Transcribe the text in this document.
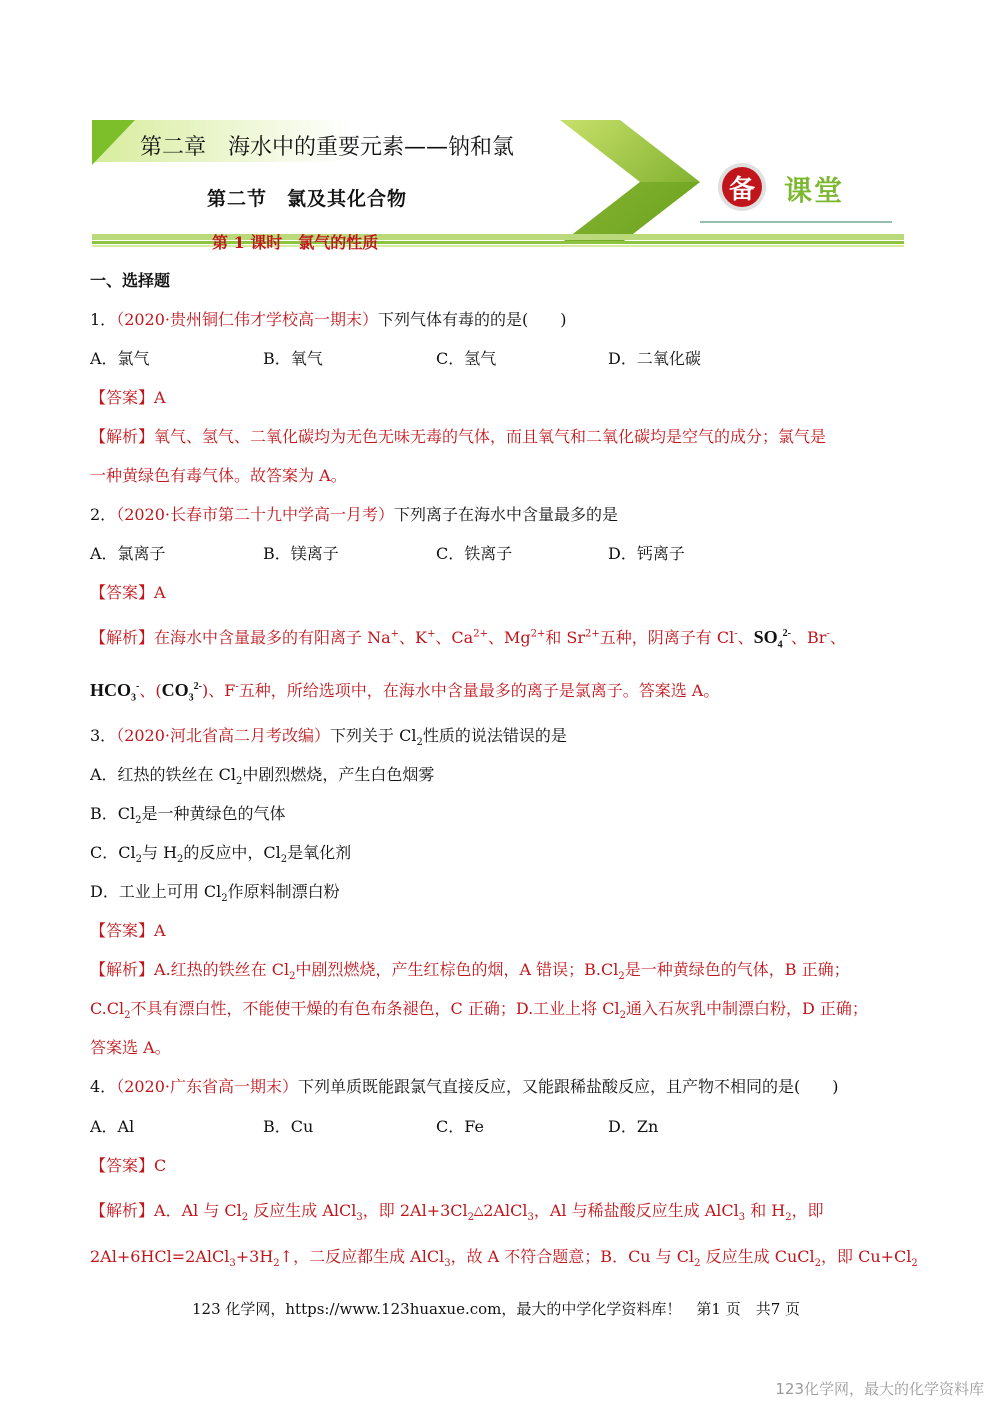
第二章　海水中的重要元素——钠和氯
第二节　氯及其化合物
第 1 课时　氯气的性质
备 课堂
一、选择题
1．（2020·贵州铜仁伟才学校高一期末）下列气体有毒的的是(　　)
A．氯气	B．氧气	C．氢气	D．二氧化碳
【答案】A
【解析】氧气、氢气、二氧化碳均为无色无味无毒的气体，而且氧气和二氧化碳均是空气的成分；氯气是
一种黄绿色有毒气体。故答案为 A。
2．（2020·长春市第二十九中学高一月考）下列离子在海水中含量最多的是
A．氯离子	B．镁离子	C．铁离子	D．钙离子
【答案】A
【解析】在海水中含量最多的有阳离子 Na+、K+、$Ca^{2+}$、$Mg^{2+}$和 $Sr^{2+}$五种，阴离子有 Cl-、$SO_4^{2-}$、Br-、
$HCO_3^-$、$(CO_3^{2-})$、F-五种，所给选项中，在海水中含量最多的离子是氯离子。答案选 A。
3．（2020·河北省高二月考改编）下列关于 $Cl_2$性质的说法错误的是
A．红热的铁丝在 $Cl_2$中剧烈燃烧，产生白色烟雾
B．$Cl_2$是一种黄绿色的气体
C．$Cl_2$与 $H_2$的反应中，$Cl_2$是氧化剂
D．工业上可用 $Cl_2$作原料制漂白粉
【答案】A
【解析】A.红热的铁丝在 $Cl_2$中剧烈燃烧，产生红棕色的烟，A 错误；$B.Cl_2$是一种黄绿色的气体，B 正确；
$C.Cl_2$不具有漂白性，不能使干燥的有色布条褪色，C 正确；D.工业上将 $Cl_2$通入石灰乳中制漂白粉，D 正确；
答案选 A。
4．（2020·广东省高一期末）下列单质既能跟氯气直接反应，又能跟稀盐酸反应，且产物不相同的是(　　)
A．Al	B．Cu	C．Fe	D．Zn
【答案】C
【解析】A．Al 与 $Cl_2$ 反应生成 AlCl$_3$，即 $2Al+3Cl_2\triangle 2AlCl_3$，Al 与稀盐酸反应生成 AlCl$_3$ 和 $H_2$，即
$2Al+6HCl=2AlCl_3+3H_2↑$，二反应都生成 AlCl$_3$，故 A 不符合题意；B．Cu 与 $Cl_2$ 反应生成 CuCl$_2$，即 $Cu+Cl_2$
123 化学网，https://www.123huaxue.com，最大的中学化学资料库！　第1 页　共7 页
123化学网，最大的化学资料库
